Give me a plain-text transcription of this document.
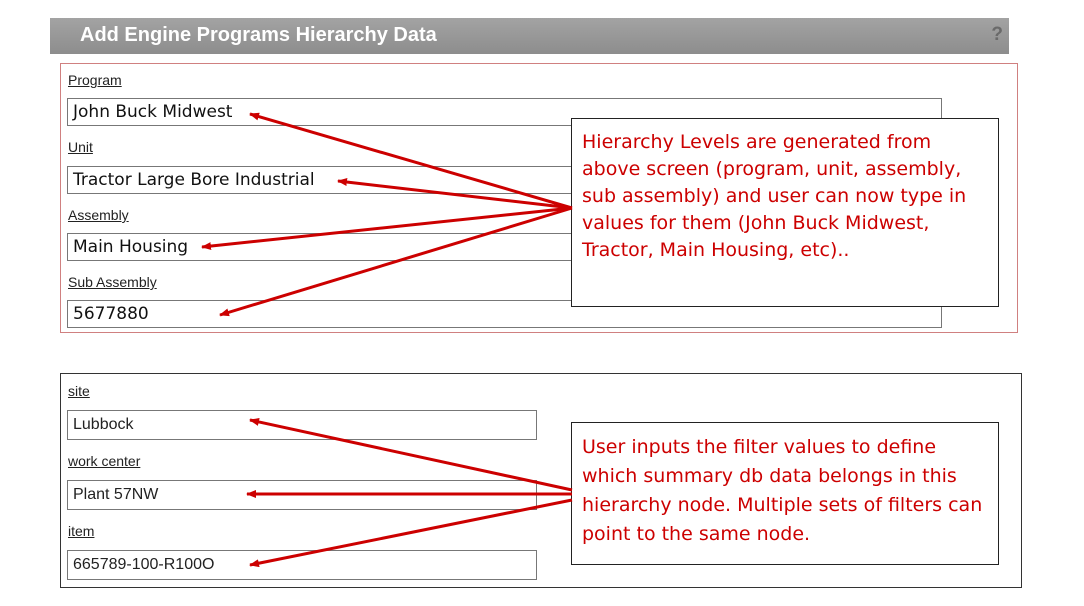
Add Engine Programs Hierarchy Data	?
Program
John Buck Midwest
Unit
Tractor Large Bore Industrial
Assembly
Main Housing
Sub Assembly
5677880
site
Lubbock
work center
Plant 57NW
item
665789-100-R100O
Hierarchy Levels are generated from above screen (program, unit, assembly, sub assembly) and user can now type in values for them (John Buck Midwest, Tractor, Main Housing, etc)..
User inputs the filter values to define which summary db data belongs in this hierarchy node. Multiple sets of filters can point to the same node.
